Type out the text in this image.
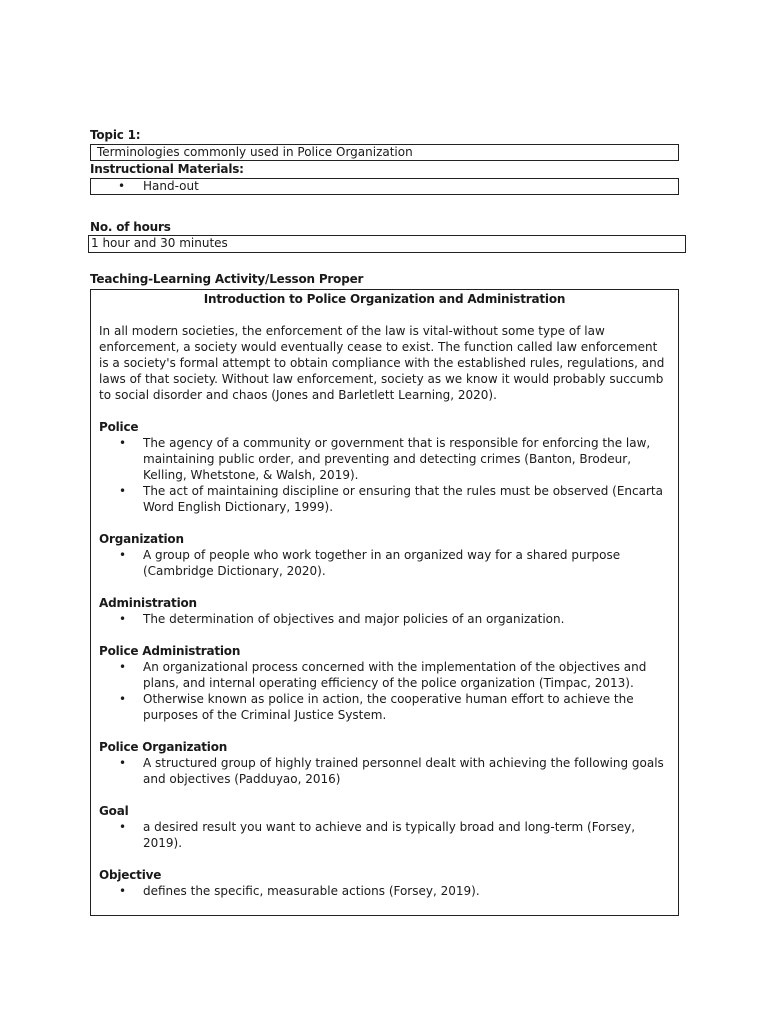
Topic 1:
Terminologies commonly used in Police Organization
Instructional Materials:
• Hand-out
No. of hours
1 hour and 30 minutes
Teaching-Learning Activity/Lesson Proper
Introduction to Police Organization and Administration
In all modern societies, the enforcement of the law is vital-without some type of law enforcement, a society would eventually cease to exist. The function called law enforcement is a society's formal attempt to obtain compliance with the established rules, regulations, and laws of that society. Without law enforcement, society as we know it would probably succumb to social disorder and chaos (Jones and Barletlett Learning, 2020).
Police
• The agency of a community or government that is responsible for enforcing the law, maintaining public order, and preventing and detecting crimes (Banton, Brodeur, Kelling, Whetstone, & Walsh, 2019).
• The act of maintaining discipline or ensuring that the rules must be observed (Encarta Word English Dictionary, 1999).
Organization
• A group of people who work together in an organized way for a shared purpose (Cambridge Dictionary, 2020).
Administration
• The determination of objectives and major policies of an organization.
Police Administration
• An organizational process concerned with the implementation of the objectives and plans, and internal operating efficiency of the police organization (Timpac, 2013).
• Otherwise known as police in action, the cooperative human effort to achieve the purposes of the Criminal Justice System.
Police Organization
• A structured group of highly trained personnel dealt with achieving the following goals and objectives (Padduyao, 2016)
Goal
• a desired result you want to achieve and is typically broad and long-term (Forsey, 2019).
Objective
• defines the specific, measurable actions (Forsey, 2019).
